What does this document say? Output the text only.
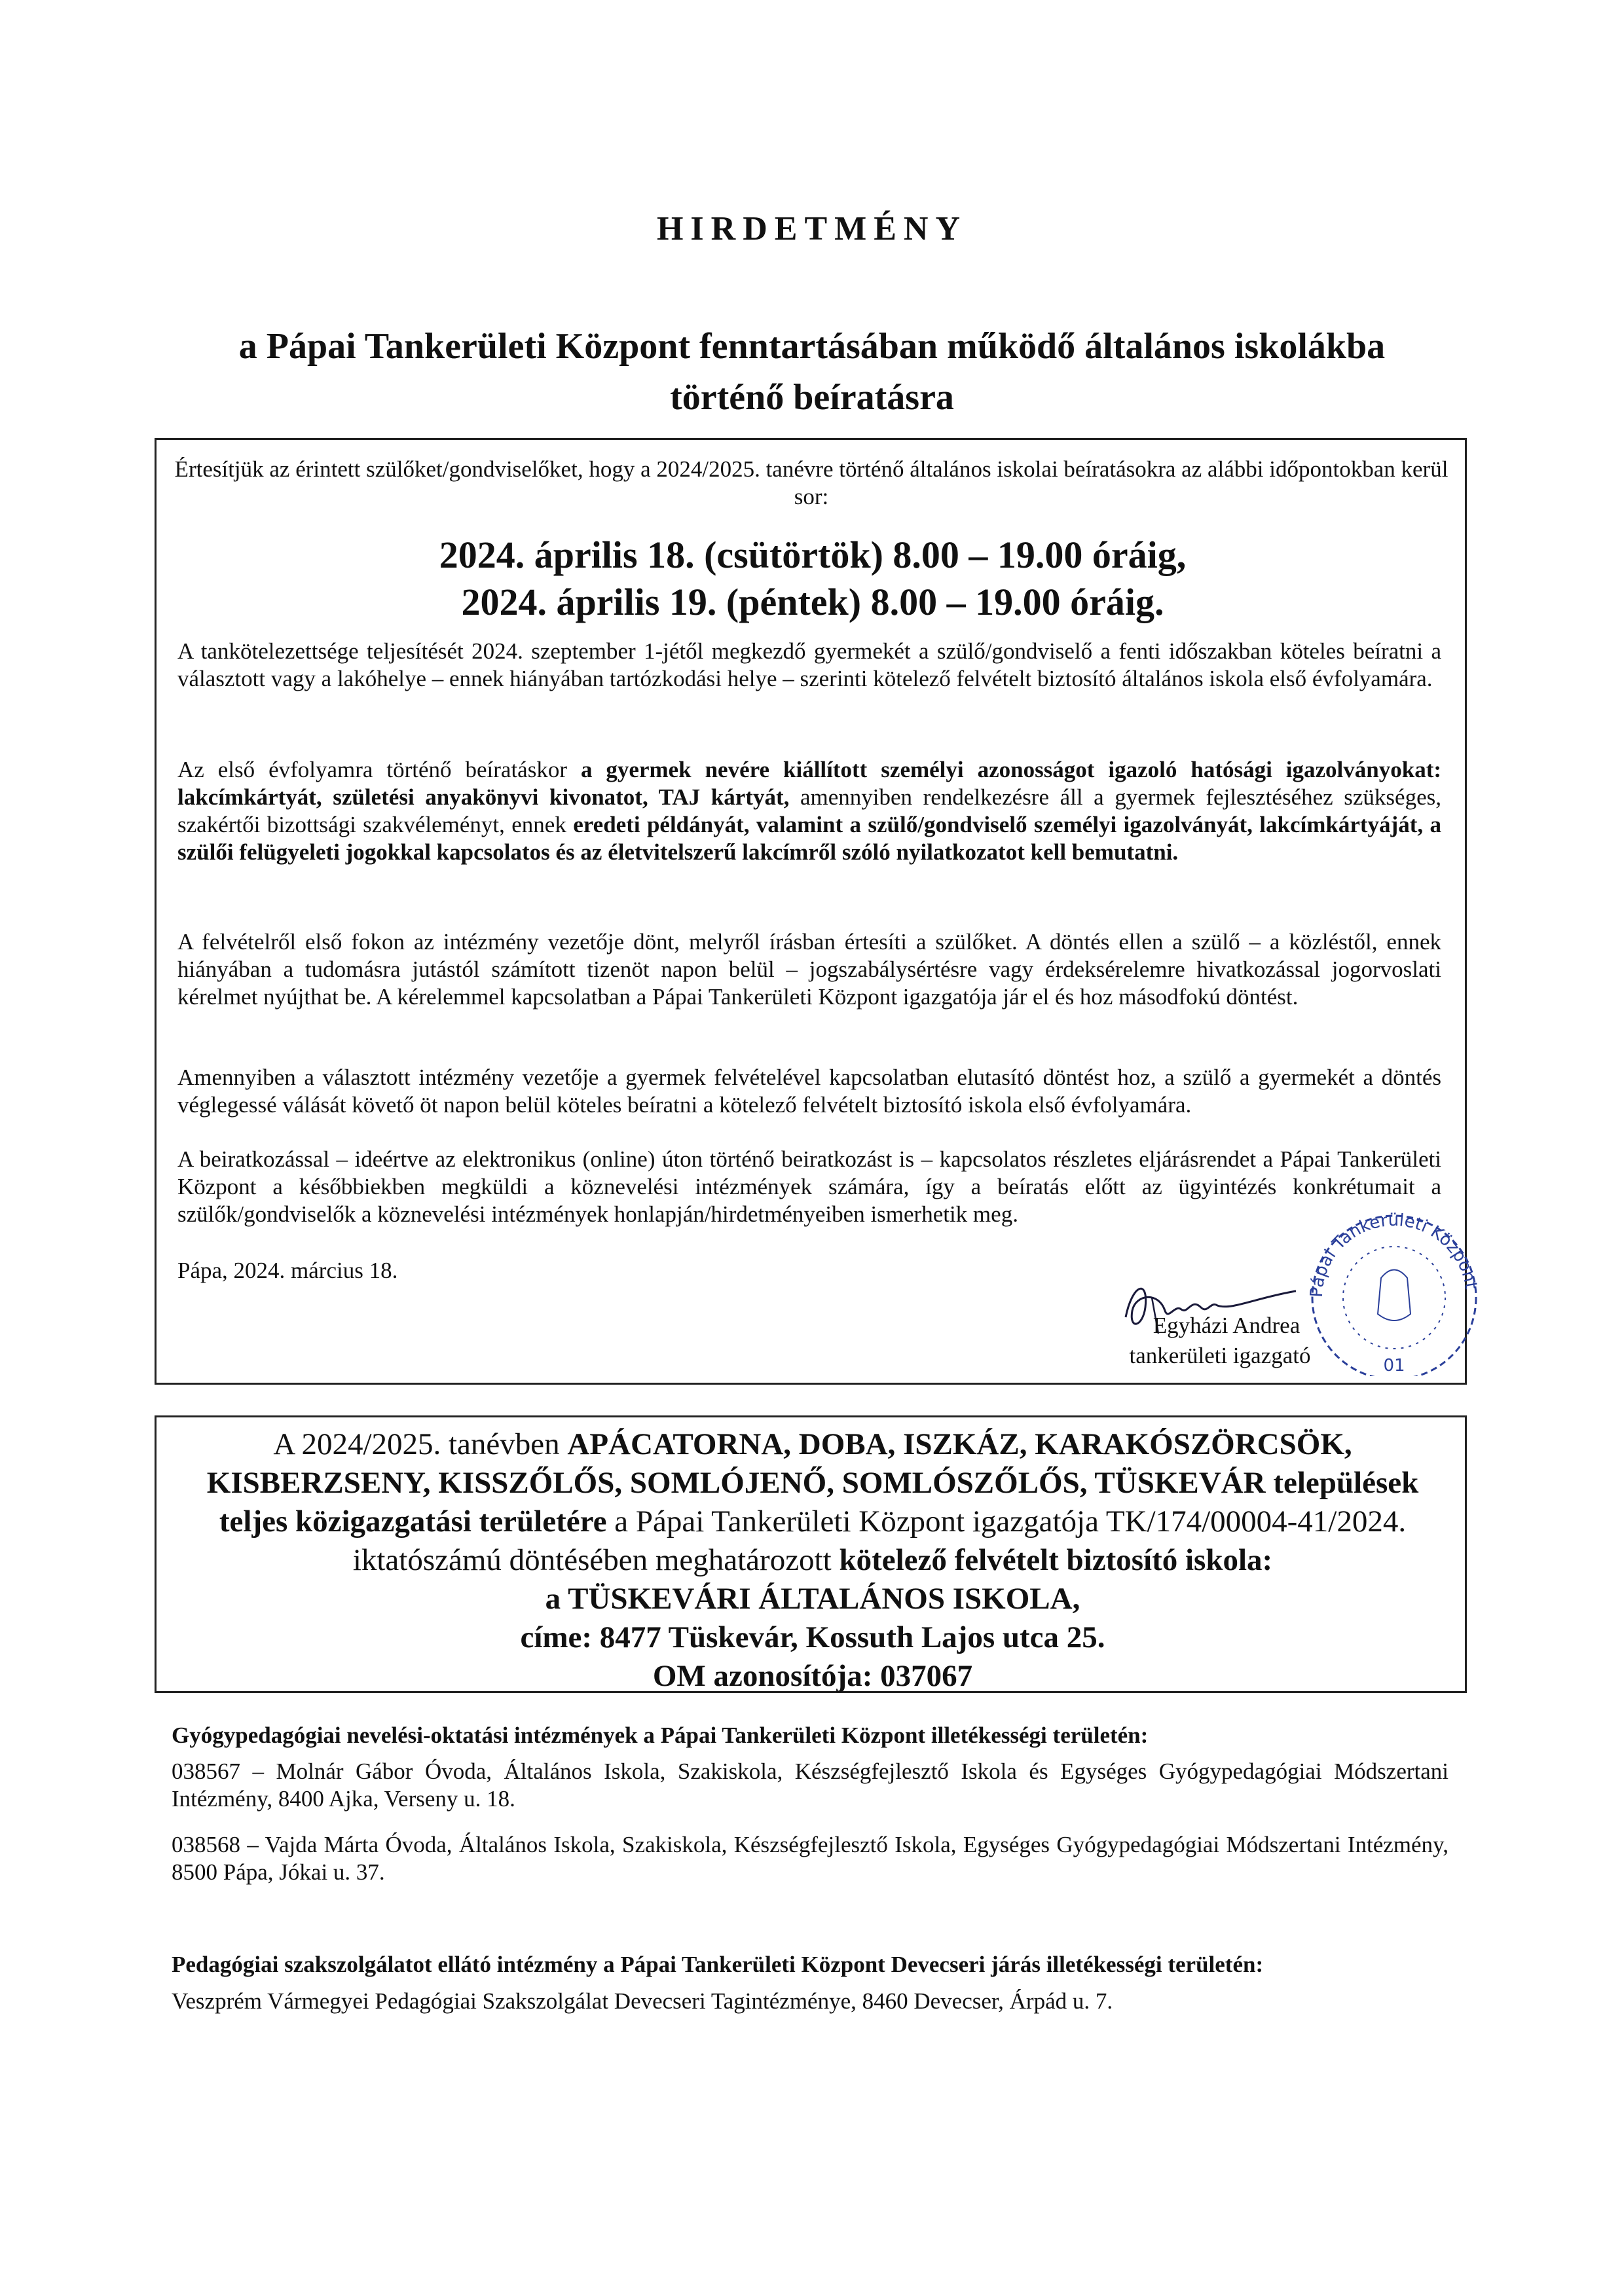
HIRDETMÉNY
a Pápai Tankerületi Központ fenntartásában működő általános iskolákba
történő beíratásra

Értesítjük az érintett szülőket/gondviselőket, hogy a 2024/2025. tanévre történő általános iskolai beíratásokra az alábbi időpontokban kerül sor:

2024. április 18. (csütörtök) 8.00 – 19.00 óráig,
2024. április 19. (péntek) 8.00 – 19.00 óráig.

A tankötelezettsége teljesítését 2024. szeptember 1-jétől megkezdő gyermekét a szülő/gondviselő a fenti időszakban köteles beíratni a választott vagy a lakóhelye – ennek hiányában tartózkodási helye – szerinti kötelező felvételt biztosító általános iskola első évfolyamára.

Az első évfolyamra történő beíratáskor a gyermek nevére kiállított személyi azonosságot igazoló hatósági igazolványokat: lakcímkártyát, születési anyakönyvi kivonatot, TAJ kártyát, amennyiben rendelkezésre áll a gyermek fejlesztéséhez szükséges, szakértői bizottsági szakvéleményt, ennek eredeti példányát, valamint a szülő/gondviselő személyi igazolványát, lakcímkártyáját, a szülői felügyeleti jogokkal kapcsolatos és az életvitelszerű lakcímről szóló nyilatkozatot kell bemutatni.

A felvételről első fokon az intézmény vezetője dönt, melyről írásban értesíti a szülőket. A döntés ellen a szülő – a közléstől, ennek hiányában a tudomásra jutástól számított tizenöt napon belül – jogszabálysértésre vagy érdeksérelemre hivatkozással jogorvoslati kérelmet nyújthat be. A kérelemmel kapcsolatban a Pápai Tankerületi Központ igazgatója jár el és hoz másodfokú döntést.

Amennyiben a választott intézmény vezetője a gyermek felvételével kapcsolatban elutasító döntést hoz, a szülő a gyermekét a döntés véglegessé válását követő öt napon belül köteles beíratni a kötelező felvételt biztosító iskola első évfolyamára.

A beiratkozással – ideértve az elektronikus (online) úton történő beiratkozást is – kapcsolatos részletes eljárásrendet a Pápai Tankerületi Központ a későbbiekben megküldi a köznevelési intézmények számára, így a beíratás előtt az ügyintézés konkrétumait a szülők/gondviselők a köznevelési intézmények honlapján/hirdetményeiben ismerhetik meg.

Pápa, 2024. március 18.

Pápai Tankerületi Központ
01
Egyházi Andrea
tankerületi igazgató

A 2024/2025. tanévben APÁCATORNA, DOBA, ISZKÁZ, KARAKÓSZÖRCSÖK, KISBERZSENY, KISSZŐLŐS, SOMLÓJENŐ, SOMLÓSZŐLŐS, TÜSKEVÁR települések teljes közigazgatási területére a Pápai Tankerületi Központ igazgatója TK/174/00004-41/2024. iktatószámú döntésében meghatározott kötelező felvételt biztosító iskola:
a TÜSKEVÁRI ÁLTALÁNOS ISKOLA,
címe: 8477 Tüskevár, Kossuth Lajos utca 25.
OM azonosítója: 037067

Gyógypedagógiai nevelési-oktatási intézmények a Pápai Tankerületi Központ illetékességi területén:

038567 – Molnár Gábor Óvoda, Általános Iskola, Szakiskola, Készségfejlesztő Iskola és Egységes Gyógypedagógiai Módszertani Intézmény, 8400 Ajka, Verseny u. 18.

038568 – Vajda Márta Óvoda, Általános Iskola, Szakiskola, Készségfejlesztő Iskola, Egységes Gyógypedagógiai Módszertani Intézmény, 8500 Pápa, Jókai u. 37.

Pedagógiai szakszolgálatot ellátó intézmény a Pápai Tankerületi Központ Devecseri járás illetékességi területén:

Veszprém Vármegyei Pedagógiai Szakszolgálat Devecseri Tagintézménye, 8460 Devecser, Árpád u. 7.
